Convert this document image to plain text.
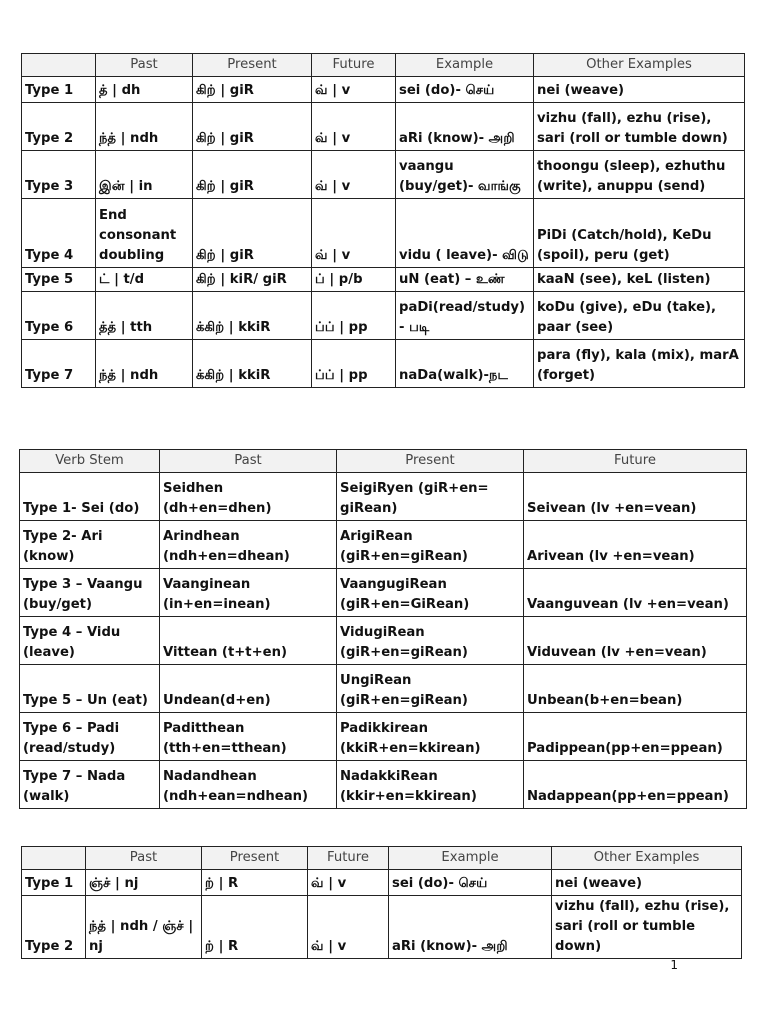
	Past	Present	Future	Example	Other Examples
Type 1	த் | dh	கிற் | giR	வ் | v	sei (do)- செய்	nei (weave)
Type 2	ந்த் | ndh	கிற் | giR	வ் | v	aRi (know)- அறி	vizhu (fall), ezhu (rise), sari (roll or tumble down)
Type 3	இன் | in	கிற் | giR	வ் | v	vaangu (buy/get)- வாங்கு	thoongu (sleep), ezhuthu (write), anuppu (send)
Type 4	End consonant doubling	கிற் | giR	வ் | v	vidu ( leave)- விடு	PiDi (Catch/hold), KeDu (spoil), peru (get)
Type 5	ட் | t/d	கிற் | kiR/ giR	ப் | p/b	uN (eat) – உண்	kaaN (see), keL (listen)
Type 6	த்த் | tth	க்கிற் | kkiR	ப்ப் | pp	paDi(read/study)- படி	koDu (give), eDu (take), paar (see)
Type 7	ந்த் | ndh	க்கிற் | kkiR	ப்ப் | pp	naDa(walk)-நட	para (fly), kala (mix), marA (forget)
Verb Stem	Past	Present	Future
Type 1- Sei (do)	Seidhen (dh+en=dhen)	SeigiRyen (giR+en= giRean)	Seivean (lv +en=vean)
Type 2- Ari (know)	Arindhean (ndh+en=dhean)	ArigiRean (giR+en=giRean)	Arivean (lv +en=vean)
Type 3 – Vaangu (buy/get)	Vaanginean (in+en=inean)	VaangugiRean (giR+en=GiRean)	Vaanguvean (lv +en=vean)
Type 4 – Vidu (leave)	Vittean (t+t+en)	VidugiRean (giR+en=giRean)	Viduvean (lv +en=vean)
Type 5 – Un (eat)	Undean(d+en)	UngiRean (giR+en=giRean)	Unbean(b+en=bean)
Type 6 – Padi (read/study)	Paditthean (tth+en=tthean)	Padikkirean (kkiR+en=kkirean)	Padippean(pp+en=ppean)
Type 7 – Nada (walk)	Nadandhean (ndh+ean=ndhean)	NadakkiRean (kkir+en=kkirean)	Nadappean(pp+en=ppean)
	Past	Present	Future	Example	Other Examples
Type 1	ஞ்ச் | nj	ற் | R	வ் | v	sei (do)- செய்	nei (weave)
Type 2	ந்த் | ndh / ஞ்ச் | nj	ற் | R	வ் | v	aRi (know)- அறி	vizhu (fall), ezhu (rise), sari (roll or tumble down)
1
